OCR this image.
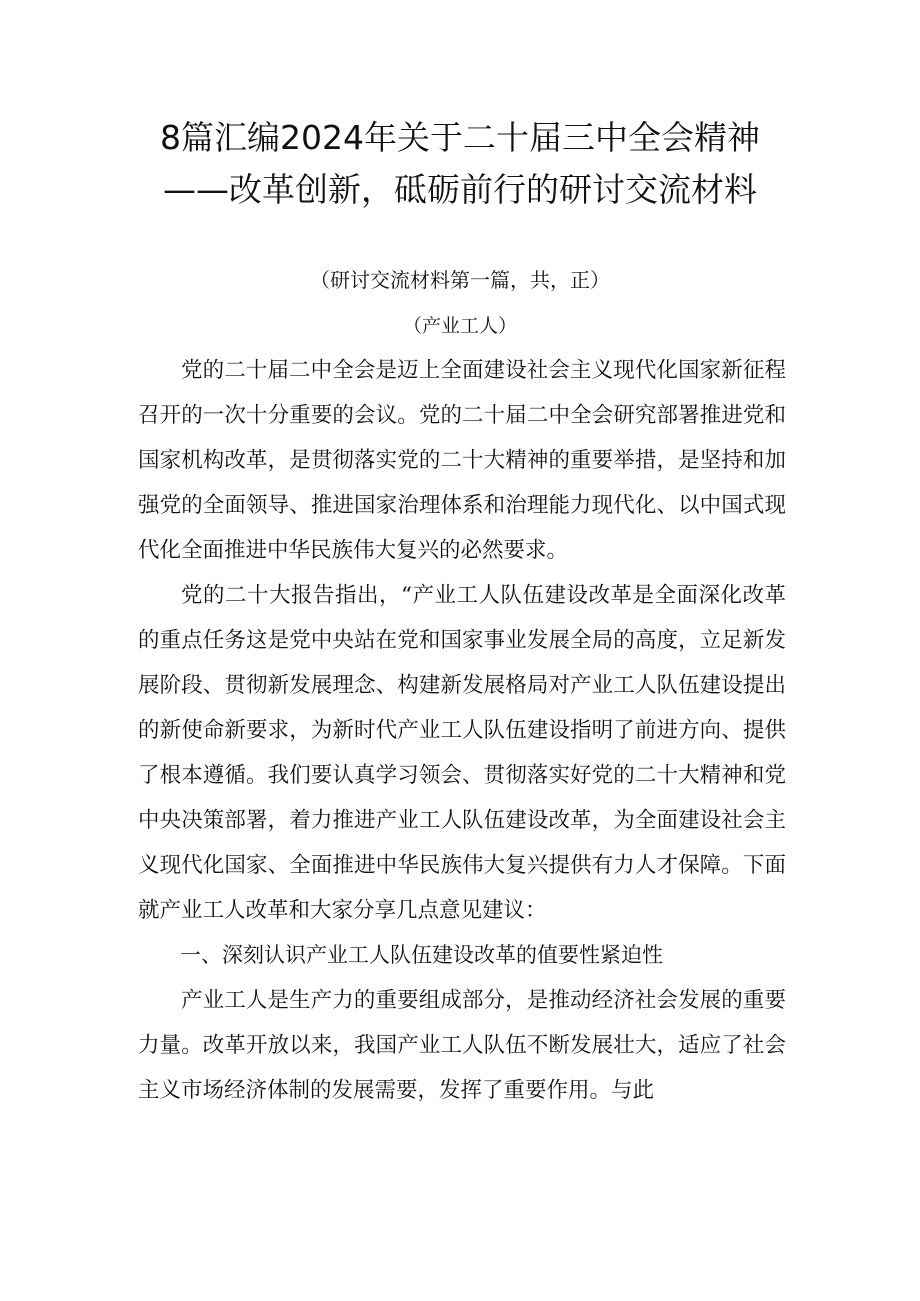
8篇汇编2024年关于二十届三中全会精神
——改革创新，砥砺前行的研讨交流材料
（研讨交流材料第一篇，共，正）
（产业工人）

党的二十届二中全会是迈上全面建设社会主义现代化国家新征程召开的一次十分重要的会议。党的二十届二中全会研究部署推进党和国家机构改革，是贯彻落实党的二十大精神的重要举措，是坚持和加强党的全面领导、推进国家治理体系和治理能力现代化、以中国式现代化全面推进中华民族伟大复兴的必然要求。

党的二十大报告指出，“产业工人队伍建设改革是全面深化改革的重点任务这是党中央站在党和国家事业发展全局的高度，立足新发展阶段、贯彻新发展理念、构建新发展格局对产业工人队伍建设提出的新使命新要求，为新时代产业工人队伍建设指明了前进方向、提供了根本遵循。我们要认真学习领会、贯彻落实好党的二十大精神和党中央决策部署，着力推进产业工人队伍建设改革，为全面建设社会主义现代化国家、全面推进中华民族伟大复兴提供有力人才保障。下面就产业工人改革和大家分享几点意见建议：

一、深刻认识产业工人队伍建设改革的值要性紧迫性

产业工人是生产力的重要组成部分，是推动经济社会发展的重要力量。改革开放以来，我国产业工人队伍不断发展壮大，适应了社会主义市场经济体制的发展需要，发挥了重要作用。与此
